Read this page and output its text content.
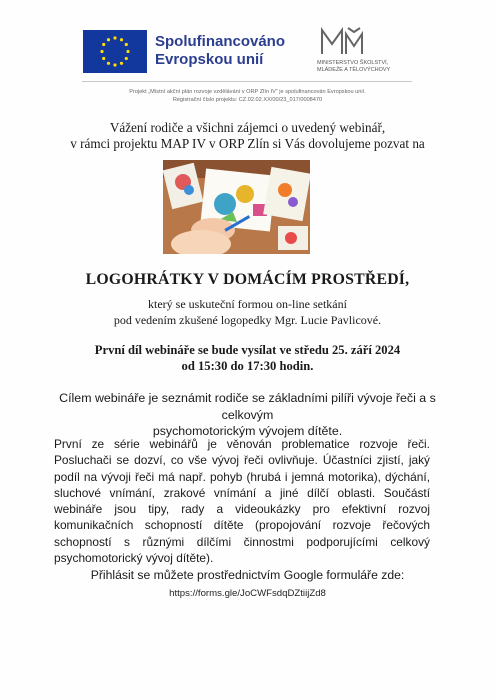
Spolufinancováno Evropskou unií	MINISTERSTVO ŠKOLSTVÍ, MLÁDEŽE A TĚLOVÝCHOVY
Projekt „Místní akční plán rozvoje vzdělávání v ORP Zlín IV“ je spolufinancován Evropskou unií.
Registrační číslo projektu: CZ.02.02.XX/00/23_017/0008470
Vážení rodiče a všichni zájemci o uvedený webinář,
v rámci projektu MAP IV v ORP Zlín si Vás dovolujeme pozvat na
LOGOHRÁTKY V DOMÁCÍM PROSTŘEDÍ,
který se uskuteční formou on-line setkání
pod vedením zkušené logopedky Mgr. Lucie Pavlicové.
První díl webináře se bude vysílat ve středu 25. září 2024
od 15:30 do 17:30 hodin.
Cílem webináře je seznámit rodiče se základními pilíři vývoje řeči a s celkovým
psychomotorickým vývojem dítěte.
První ze série webinářů je věnován problematice rozvoje řeči. Posluchači se dozví, co vše vývoj řeči ovlivňuje. Účastníci zjistí, jaký podíl na vývoji řeči má např. pohyb (hrubá i jemná motorika), dýchání, sluchové vnímání, zrakové vnímání a jiné dílčí oblasti. Součástí webináře jsou tipy, rady a videoukázky pro efektivní rozvoj komunikačních schopností dítěte (propojování rozvoje řečových schopností s různými dílčími činnostmi podporujícími celkový psychomotorický vývoj dítěte).
Přihlásit se můžete prostřednictvím Google formuláře zde:
https://forms.gle/JoCWFsdqDZtiijZd8
